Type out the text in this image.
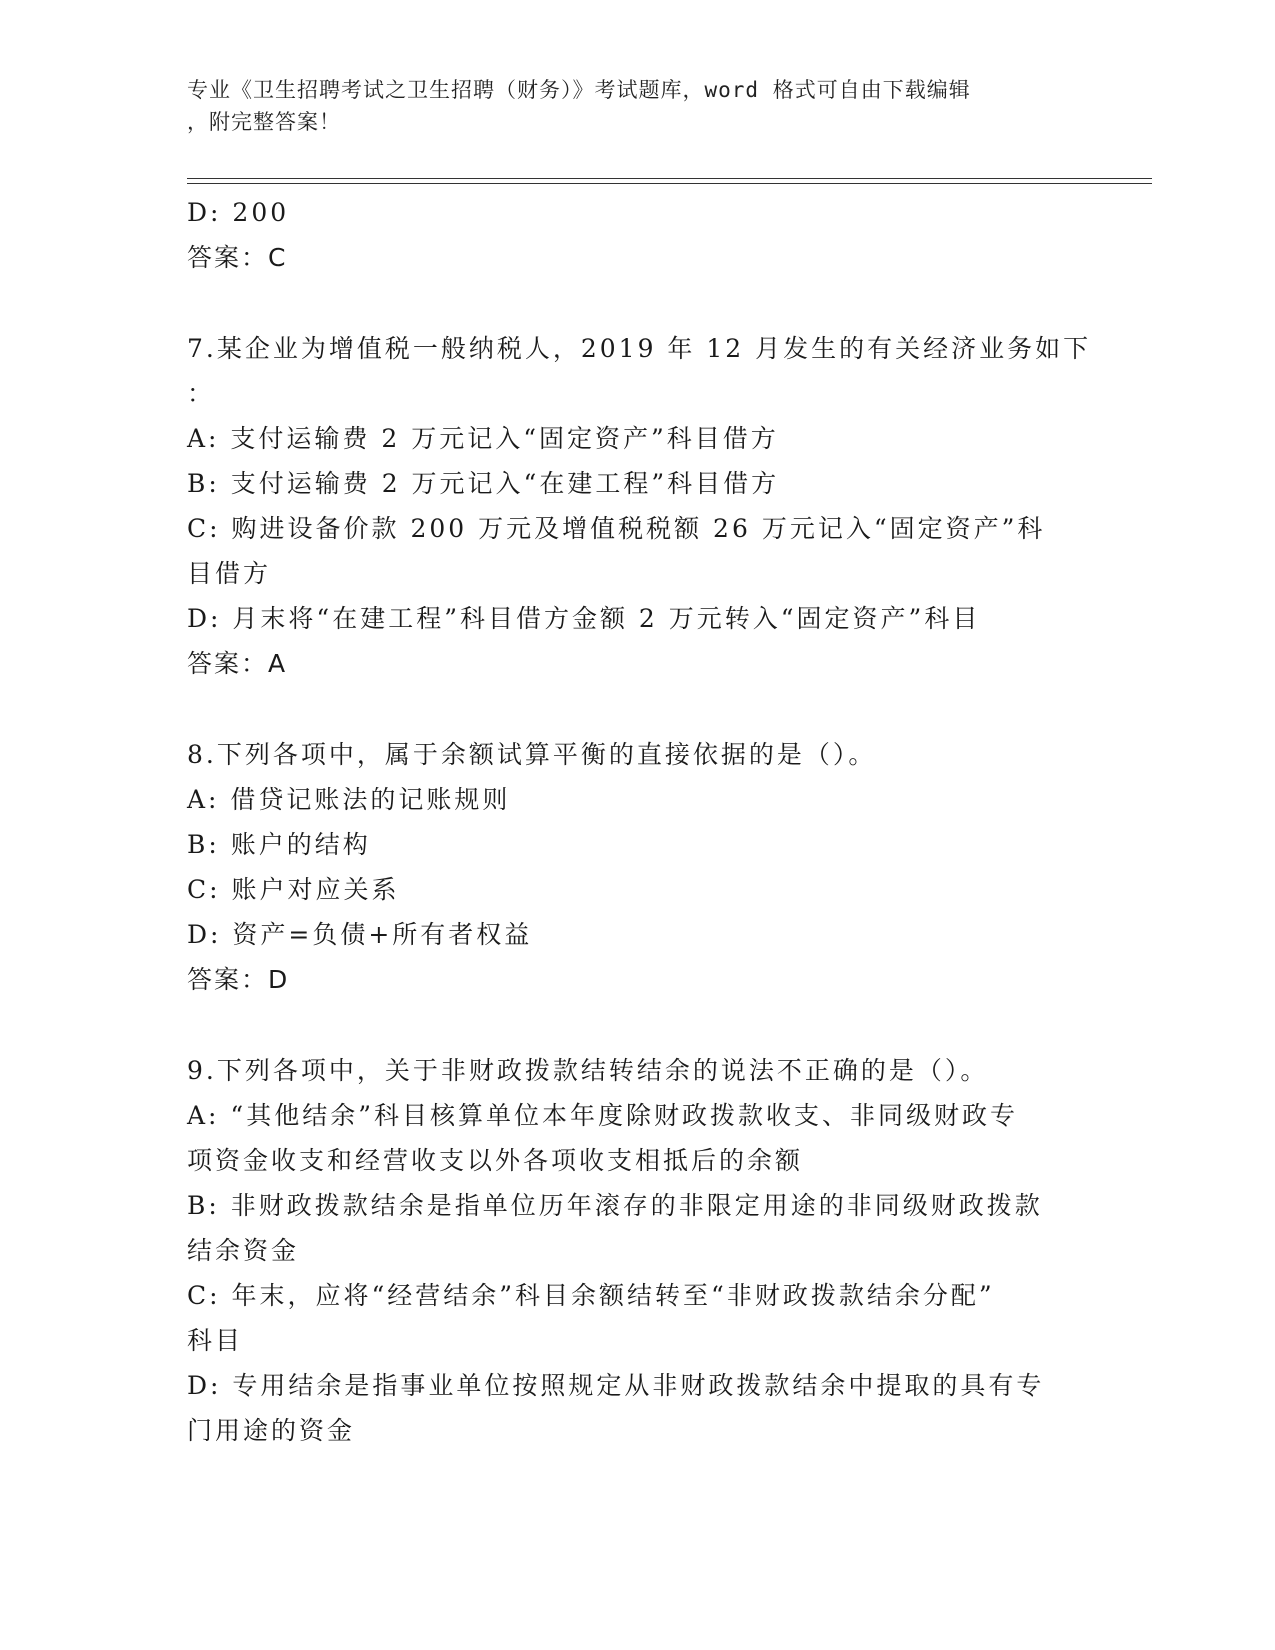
专业《卫生招聘考试之卫生招聘（财务）》考试题库，word 格式可自由下载编辑
，附完整答案！
D: 200
答案：C
7.某企业为增值税一般纳税人，2019 年 12 月发生的有关经济业务如下
：
A: 支付运输费 2 万元记入“固定资产”科目借方
B: 支付运输费 2 万元记入“在建工程”科目借方
C: 购进设备价款 200 万元及增值税税额 26 万元记入“固定资产”科
目借方
D: 月末将“在建工程”科目借方金额 2 万元转入“固定资产”科目
答案：A
8.下列各项中，属于余额试算平衡的直接依据的是（）。
A: 借贷记账法的记账规则
B: 账户的结构
C: 账户对应关系
D: 资产=负债+所有者权益
答案：D
9.下列各项中，关于非财政拨款结转结余的说法不正确的是（）。
A: “其他结余”科目核算单位本年度除财政拨款收支、非同级财政专
项资金收支和经营收支以外各项收支相抵后的余额
B: 非财政拨款结余是指单位历年滚存的非限定用途的非同级财政拨款
结余资金
C: 年末，应将“经营结余”科目余额结转至“非财政拨款结余分配”
科目
D: 专用结余是指事业单位按照规定从非财政拨款结余中提取的具有专
门用途的资金
